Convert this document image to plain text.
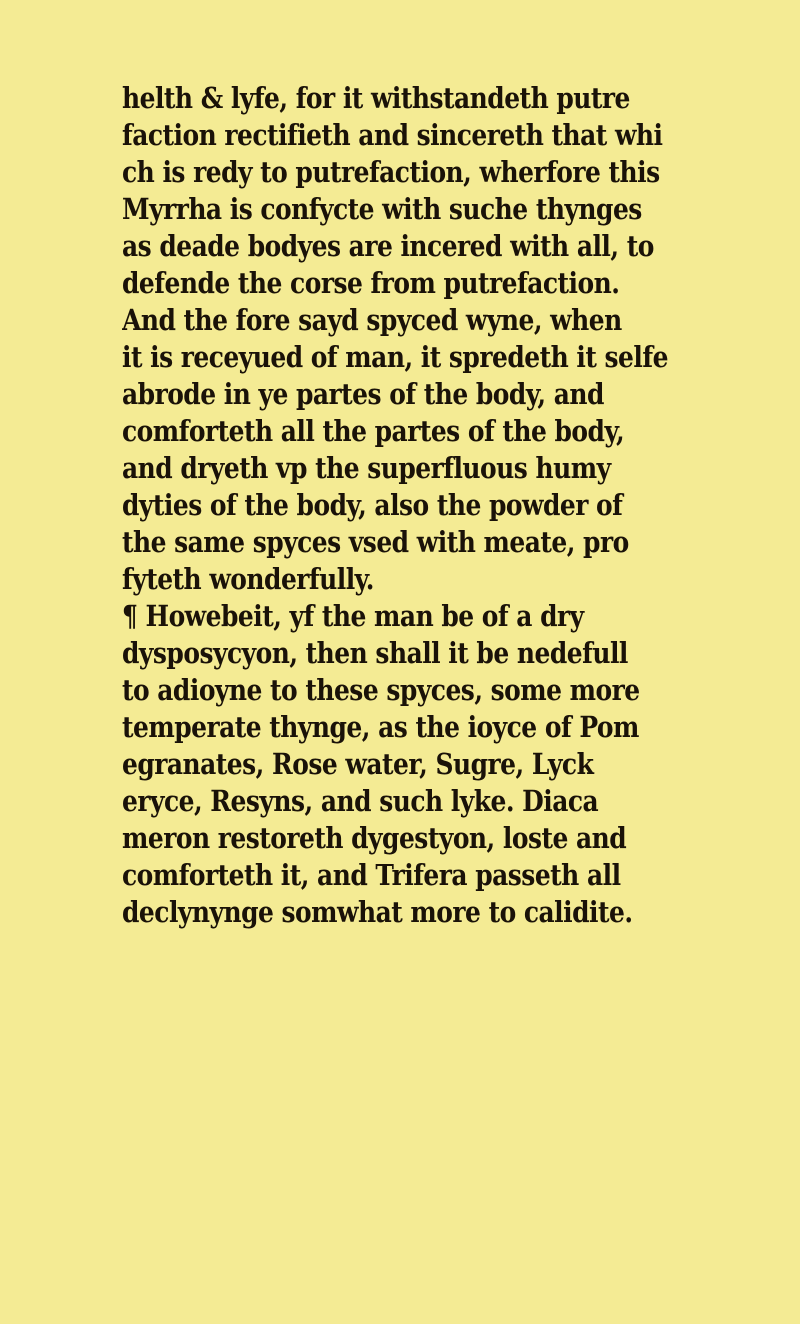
helth & lyfe, for it withstandeth putre
faction rectifieth and sincereth that whi
ch is redy to putrefaction, wherfore this
Myrrha is confycte with suche thynges
as deade bodyes are incered with all, to
defende the corse from putrefaction.
And the fore sayd spyced wyne, when
it is receyued of man, it spredeth it selfe
abrode in ye partes of the body, and
comforteth all the partes of the body,
and dryeth vp the superfluous humy
dyties of the body, also the powder of
the same spyces vsed with meate, pro
fyteth wonderfully.
¶ Howebeit, yf the man be of a dry
dysposycyon, then shall it be nedefull
to adioyne to these spyces, some more
temperate thynge, as the ioyce of Pom
egranates, Rose water, Sugre, Lyck
eryce, Resyns, and such lyke. Diaca
meron restoreth dygestyon, loste and
comforteth it, and Trifera passeth all
declynynge somwhat more to calidite.
